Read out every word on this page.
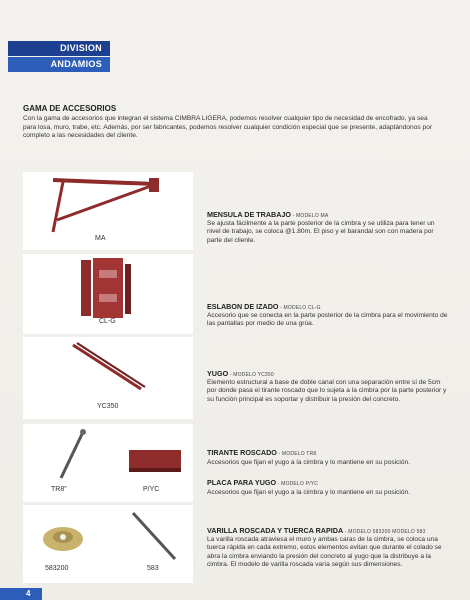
DIVISION
ANDAMIOS
GAMA DE ACCESORIOS
Con la gama de accesorios que integran el sistema CIMBRA LIGERA, podemos resolver cualquier tipo de necesidad de encofrado, ya sea para losa, muro, trabe, etc. Además, por ser fabricantes, podemos resolver cualquier condición especial que se presente, adaptándonos por completo a las necesidades del cliente.
MA
CL-G
YC350
TR8"	P/YC
583200	583
MENSULA DE TRABAJO - MODELO MA
Se ajusta fácilmente a la parte posterior de la cimbra y se utiliza para tener un nivel de trabajo, se coloca @1.80m. El piso y el barandal son con madera por parte del cliente.
ESLABON DE IZADO - MODELO CL-G
Accesorio que se conecta en la parte posterior de la cimbra para el movimiento de las pantallas por medio de una grúa.
YUGO - MODELO YC350
Elemento estructural a base de doble canal con una separación entre sí de 5cm por donde pasa el tirante roscado que lo sujeta a la cimbra por la parte posterior y su función principal es soportar y distribuir la presión del concreto.
TIRANTE ROSCADO - MODELO TR8
Accesorios que fijan el yugo a la cimbra y lo mantiene en su posición.
PLACA PARA YUGO - MODELO P/YC
Accesorios que fijan el yugo a la cimbra y lo mantiene en su posición.
VARILLA ROSCADA Y TUERCA RAPIDA - MODELO 583200 MODELO 583
La varilla roscada atraviesa el muro y ambas caras de la cimbra, se coloca una tuerca rápida en cada extremo, estos elementos evitan que durante el colado se abra la cimbra enviando la presión del concreto al yugo que la distribuye a la cimbra. El modelo de varilla roscada varía según sus dimensiones.
4
